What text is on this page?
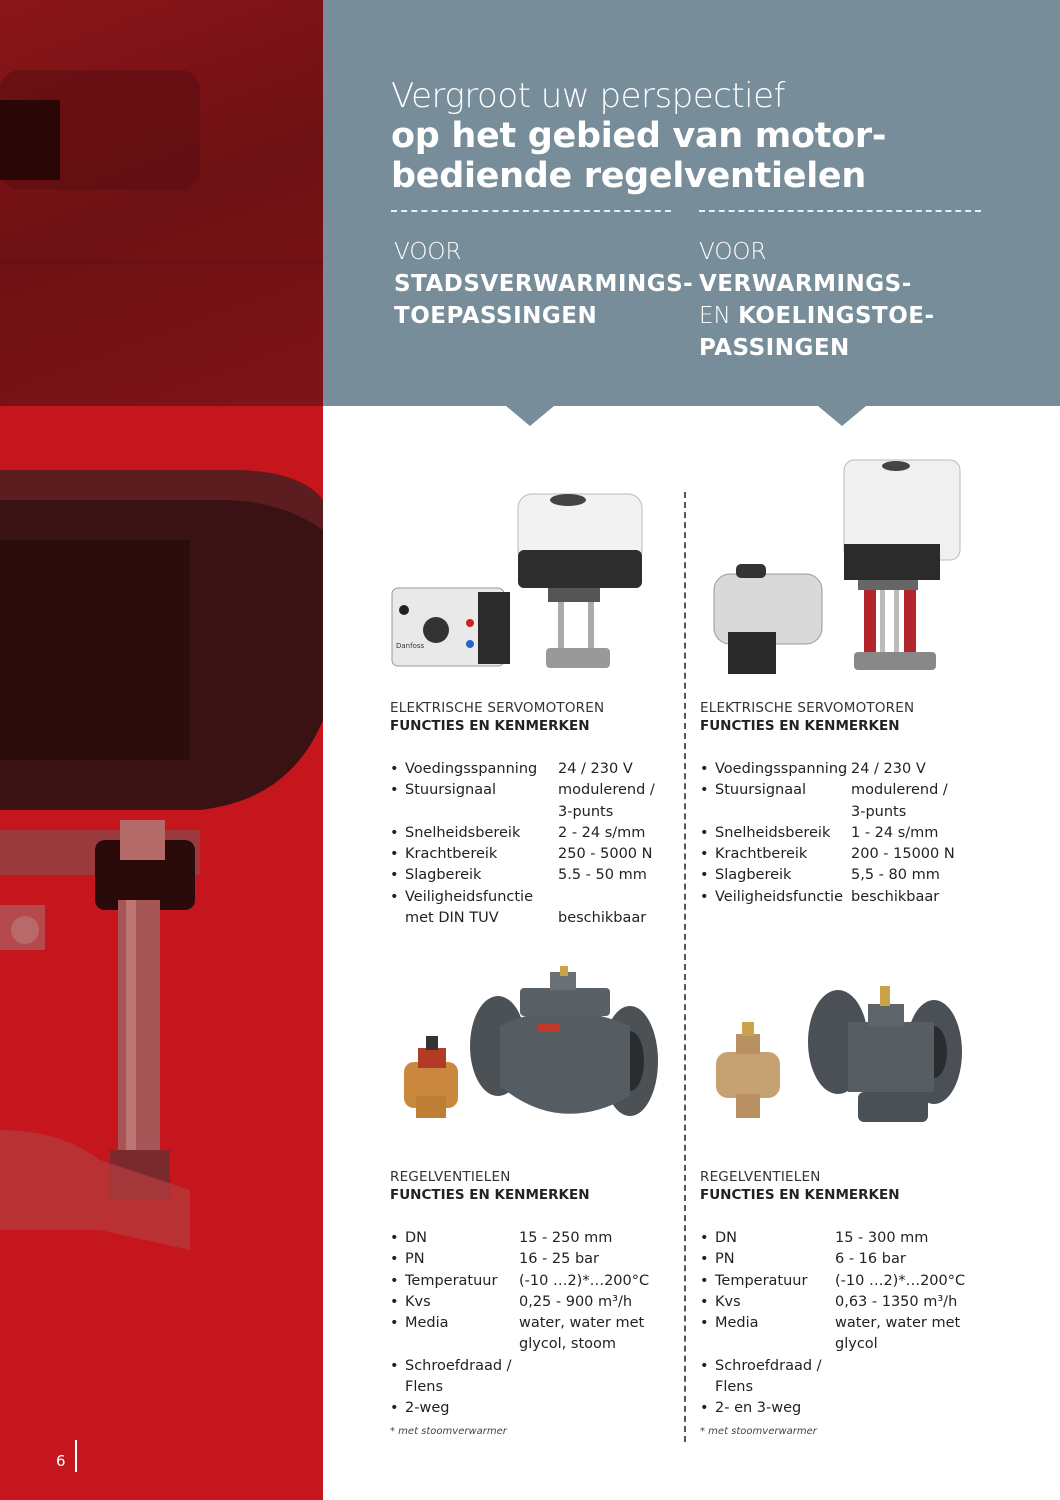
6
Vergroot uw perspectief
op het gebied van motor-
bediende regelventielen
VOOR
STADSVERWARMINGS-
TOEPASSINGEN
VOOR
VERWARMINGS-
EN KOELINGSTOE-
PASSINGEN
Danfoss
ELEKTRISCHE SERVOMOTOREN
FUNCTIES EN KENMERKEN
• Voedingsspanning	24 / 230 V
• Stuursignaal	modulerend /
3-punts
• Snelheidsbereik	2 - 24 s/mm
• Krachtbereik	250 - 5000 N
• Slagbereik	5.5 - 50 mm
• Veiligheidsfunctie
met DIN TUV	beschikbaar
REGELVENTIELEN
FUNCTIES EN KENMERKEN
• DN	15 - 250 mm
• PN	16 - 25 bar
• Temperatuur	(-10 …2)*…200°C
• Kvs	0,25 - 900 m³/h
• Media	water, water met
glycol, stoom
• Schroefdraad / Flens
• 2-weg
* met stoomverwarmer
ELEKTRISCHE SERVOMOTOREN
FUNCTIES EN KENMERKEN
• Voedingsspanning 24 / 230 V
• Stuursignaal	modulerend /
3-punts
• Snelheidsbereik	1 - 24 s/mm
• Krachtbereik	200 - 15000 N
• Slagbereik	5,5 - 80 mm
• Veiligheidsfunctie beschikbaar
REGELVENTIELEN
FUNCTIES EN KENMERKEN
• DN	15 - 300 mm
• PN	6 - 16 bar
• Temperatuur	(-10 …2)*…200°C
• Kvs	0,63 - 1350 m³/h
• Media	water, water met
glycol
• Schroefdraad / Flens
• 2- en 3-weg
* met stoomverwarmer
